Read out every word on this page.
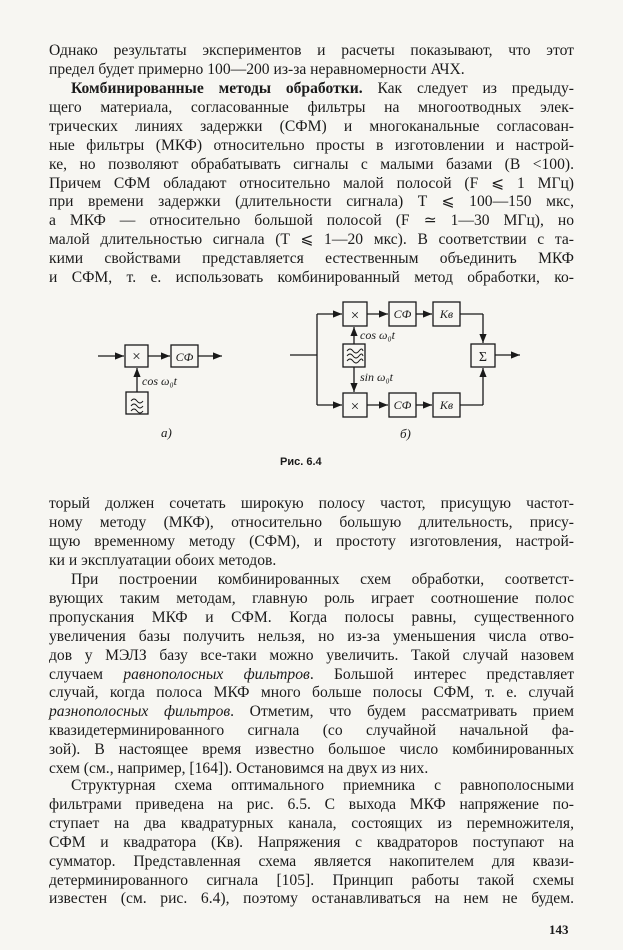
Однако результаты экспериментов и расчеты показывают, что этот
предел будет примерно 100—200 из-за неравномерности АЧХ.
Комбинированные методы обработки. Как следует из предыду-
щего материала, согласованные фильтры на многоотводных элек-
трических линиях задержки (СФМ) и многоканальные согласован-
ные фильтры (МКФ) относительно просты в изготовлении и настрой-
ке, но позволяют обрабатывать сигналы с малыми базами (B <100).
Причем СФМ обладают относительно малой полосой (F ⩽ 1 МГц)
при времени задержки (длительности сигнала) T ⩽ 100—150 мкс,
а МКФ — относительно большой полосой (F ≃ 1—30 МГц), но
малой длительностью сигнала (T ⩽ 1—20 мкс). В соответствии с та-
кими свойствами представляется естественным объединить МКФ
и СФМ, т. е. использовать комбинированный метод обработки, ко-
×	СФ
cos ω₀t
а)
×	СФ Кв
×	СФ Кв
Σ
cos ω₀t
sin ω₀t
б)
Рис. 6.4
торый должен сочетать широкую полосу частот, присущую частот-
ному методу (МКФ), относительно большую длительность, прису-
щую временному методу (СФМ), и простоту изготовления, настрой-
ки и эксплуатации обоих методов.
При построении комбинированных схем обработки, соответст-
вующих таким методам, главную роль играет соотношение полос
пропускания МКФ и СФМ. Когда полосы равны, существенного
увеличения базы получить нельзя, но из-за уменьшения числа отво-
дов у МЭЛЗ базу все-таки можно увеличить. Такой случай назовем
случаем равнополосных фильтров. Большой интерес представляет
случай, когда полоса МКФ много больше полосы СФМ, т. е. случай
разнополосных фильтров. Отметим, что будем рассматривать прием
квазидетерминированного сигнала (со случайной начальной фа-
зой). В настоящее время известно большое число комбинированных
схем (см., например, [164]). Остановимся на двух из них.
Структурная схема оптимального приемника с равнополосными
фильтрами приведена на рис. 6.5. С выхода МКФ напряжение по-
ступает на два квадратурных канала, состоящих из перемножителя,
СФМ и квадратора (Кв). Напряжения с квадраторов поступают на
сумматор. Представленная схема является накопителем для квази-
детерминированного сигнала [105]. Принцип работы такой схемы
известен (см. рис. 6.4), поэтому останавливаться на нем не будем.
143
